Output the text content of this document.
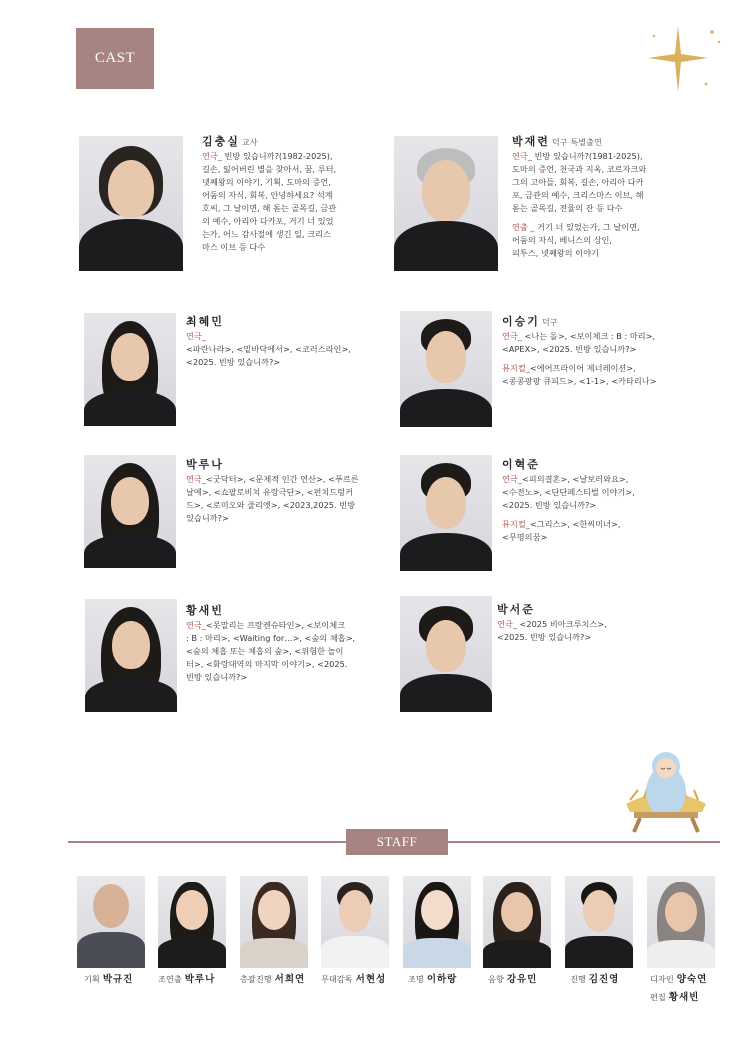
CAST
김충실 교사

연극_ 빈방 있습니까?(1982-2025),

길손, 잃어버린 별을 찾아서, 꿈, 루터,

넷째왕의 이야기, 기획, 도마의 증언,

어둠의 자식, 회복, 안녕하세요? 석계

호씨, 그 날이면, 해 돋는 골목길, 금관

의 예수, 아리아 다카포, 거기 너 있었

는가, 어느 감사절에 생긴 일, 크리스

마스 이브 등 다수

박재련 덕구 특별출연

연극_ 빈방 있습니까?(1981-2025),

도마의 증언, 천국과 지옥, 코르자크와

그의 고아들, 회복, 길손, 아리아 다카

포, 금관의 예수, 크리스마스 이브, 해

돋는 골목길, 전율의 잔 등 다수

연출 _ 거기 너 있었는가, 그 날이면,

어둠의 자식, 베니스의 상인,

피투스, 넷째왕의 이야기

최혜민

연극_

<파란나라>, <밑바닥에서>, <코러스라인>,

<2025. 빈방 있습니까?>

이승기 덕구

연극_ <나는 돌>, <보이체크 : B : 마리>,

<APEX>, <2025. 빈방 있습니까?>

뮤지컬_<에어프라이어 제너레이션>,

<콩콩팡팡 큐피드>, <1-1>, <카타리나>

박루나

연극_<굿닥터>, <문제적 인간 연산>, <푸르른

날에>, <쇼팔로비치 유랑극단>, <펀치드렁커

드>, <로미오와 줄리엣>, <2023,2025. 빈방

있습니까?>

이혁준

연극_<피의결혼>, <날보러와요>,

<수전노>, <단단페스티벌 이야기>,

<2025. 빈방 있습니까?>

뮤지컬_<그리스>, <한씨미녀>,

<무명의꿈>

황새빈

연극_<못말리는 프랑켄슈타인>, <보이체크

: B : 마리>, <Waiting for…>, <숲의 체홉>,

<숲의 체홉 또는 체홉의 숲>, <위험한 놀이

터>, <화랑대역의 마지막 이야기>, <2025.

빈방 있습니까?>

박서준

연극_ <2025 비아크루치스>,

<2025. 빈방 있습니까?>

STAFF
기획 박규진	조연출 박루나	총괄진행 서희연 무대감독 서현성	조명 이하랑	음향 강유민	진행 김진영	디자인 양숙연
편집 황새빈
